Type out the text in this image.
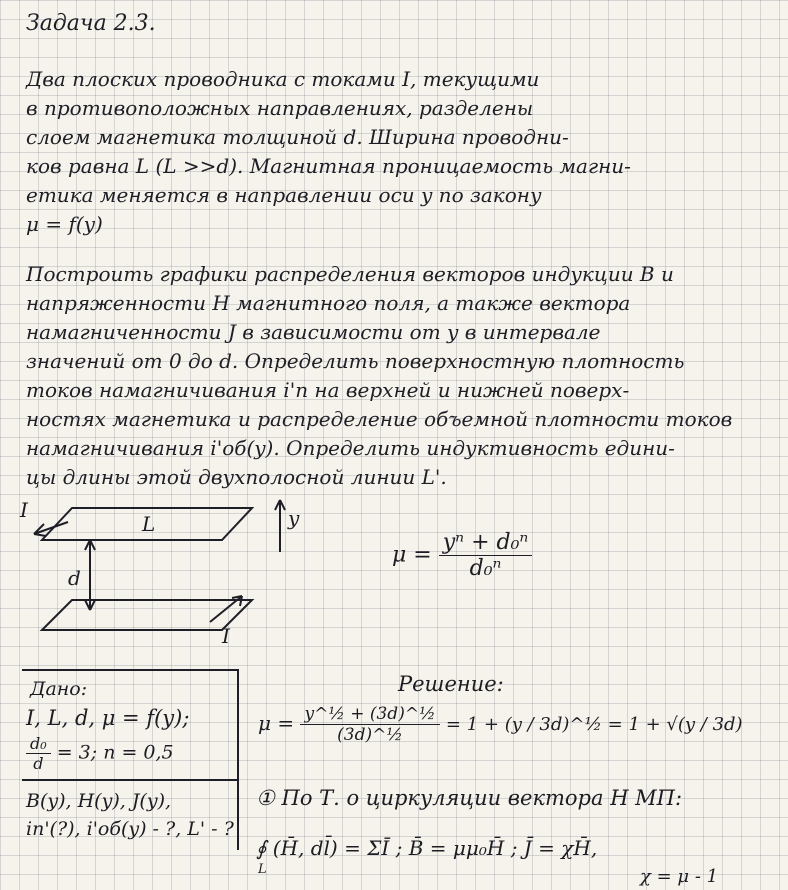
Задача 2.3.
Два плоских проводника с токами I, текущими
в противоположных направлениях, разделены
слоем магнетика толщиной d. Ширина проводни-
ков равна L (L >>d). Магнитная проницаемость магни-
етика меняется в направлении оси y по закону
μ = f(y)
Построить графики распределения векторов индукции B и
напряженности H магнитного поля, а также вектора
намагниченности J в зависимости от y в интервале
значений от 0 до d. Определить поверхностную плотность
токов намагничивания i'п на верхней и нижней поверх-
ностях магнетика и распределение объемной плотности токов
намагничивания i'об(y). Определить индуктивность едини-
цы длины этой двухполосной линии L'.
I
I
L
d
y
$\mu = \frac{\text{yⁿ + d₀ⁿ}}{\text{d₀ⁿ}}$
Дано:
I, L, d, μ = f(y);
$\frac{\text{d₀}}{d} = 3$; n = 0,5
B(y), H(y), J(y),
iп'(?), i'об(y) - ?, L' - ?
Решение:
$\mu = \frac{\text{y\textasciicircum{}½ + (3d)\textasciicircum{}½}}{\text{(3d)\textasciicircum{}½}} = 1 + (y$ / 3d)^½ = 1 + √(y / 3d)
① По Т. о циркуляции вектора H МП:
∮ (H̄, dl̄) = ΣĪ ; B̄ = μμ₀H̄ ; J̄ = χH̄,
L	χ = μ - 1
